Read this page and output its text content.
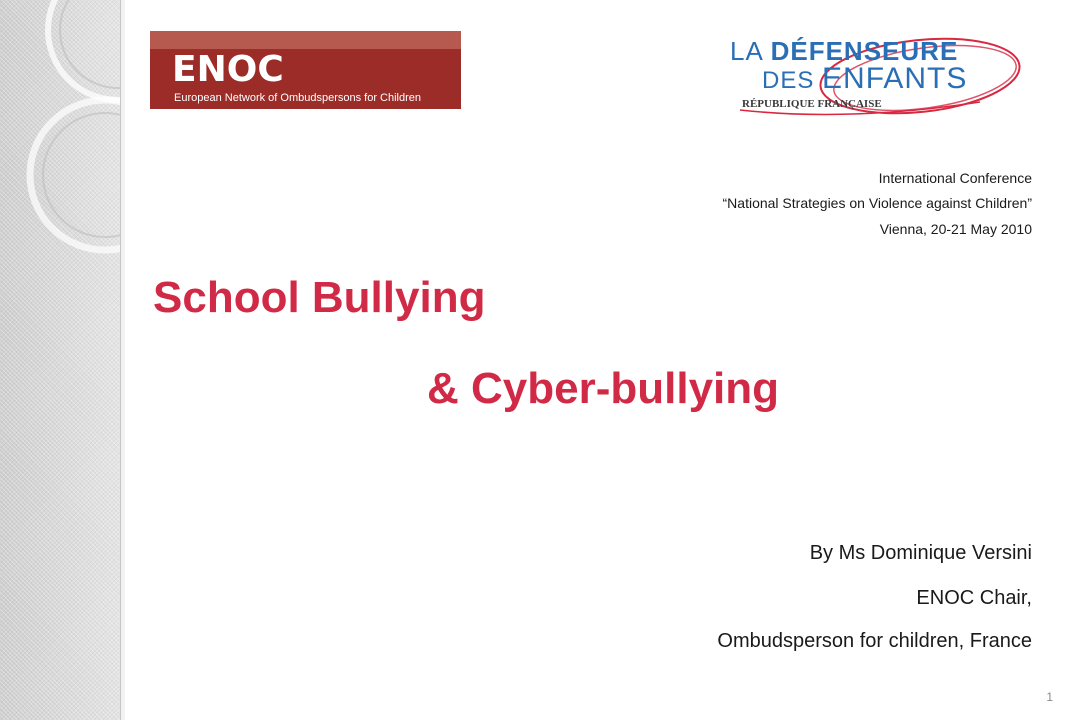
ENOC
European Network of Ombudspersons for Children
LA DÉFENSEURE
DES ENFANTS
RÉPUBLIQUE FRANÇAISE
International Conference
“National Strategies on Violence against Children”
Vienna, 20-21 May 2010
School Bullying
& Cyber-bullying
By Ms Dominique Versini
ENOC Chair,
Ombudsperson for children, France
1
